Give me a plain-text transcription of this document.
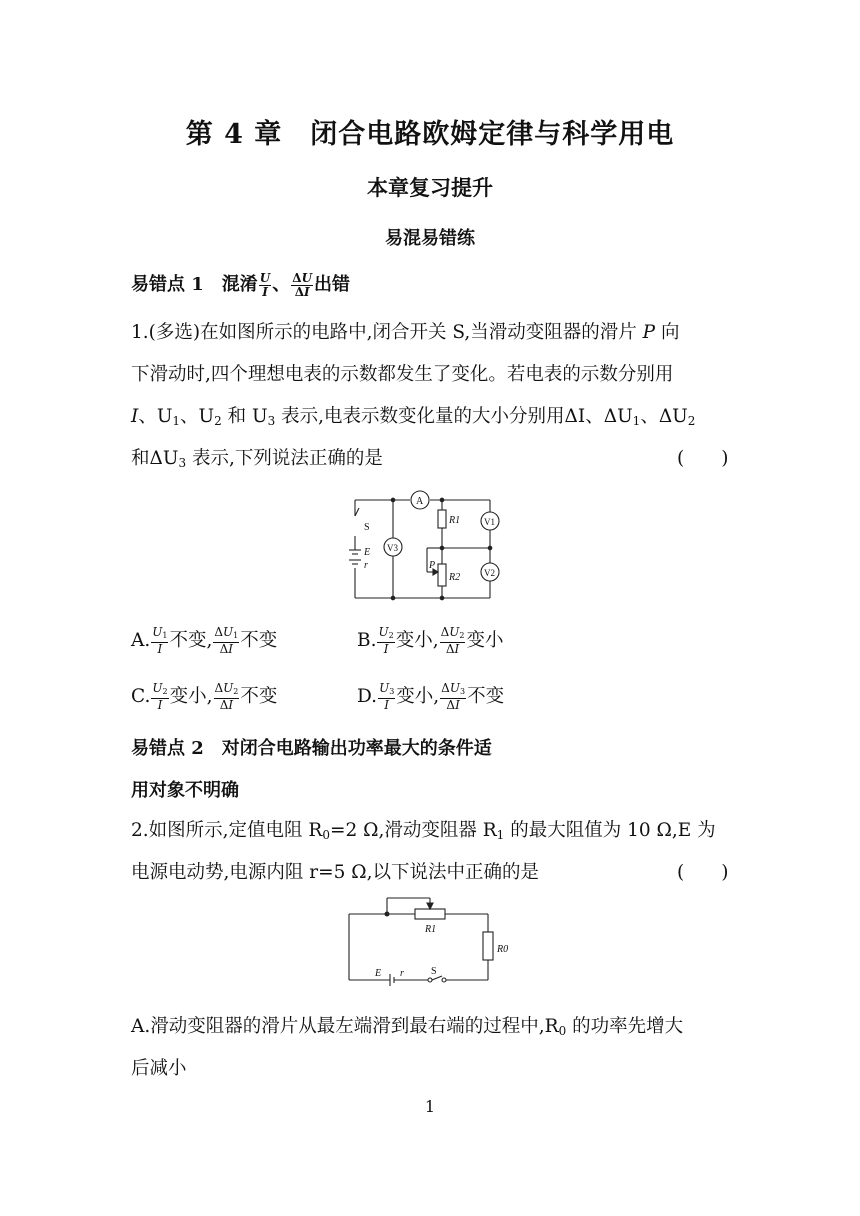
第 4 章　闭合电路欧姆定律与科学用电
本章复习提升
易混易错练
易错点 1　混淆 $\frac{U}{I}$ 、 $\frac{\Delta U}{\Delta I}$ 出错
1.(多选)在如图所示的电路中,闭合开关 S,当滑动变阻器的滑片 P 向
下滑动时,四个理想电表的示数都发生了变化。若电表的示数分别用
I、$U_1$、$U_2$ 和 $U_3$ 表示,电表示数变化量的大小分别用ΔI、$\Delta U_1$、$\Delta U_2$
和$\Delta U_3$ 表示,下列说法正确的是	(　　)
A
V3
V1
V2
R1
R2
S
E
r	P
A. $\frac{U_1}{I}$ 不变, $\frac{\Delta U_1}{\Delta I}$ 不变	B. $\frac{U_2}{I}$ 变小, $\frac{\Delta U_2}{\Delta I}$ 变小
C. $\frac{U_2}{I}$ 变小, $\frac{\Delta U_2}{\Delta I}$ 不变	D. $\frac{U_3}{I}$ 变小, $\frac{\Delta U_3}{\Delta I}$ 不变
易错点 2　对闭合电路输出功率最大的条件适
用对象不明确
2.如图所示,定值电阻 $R_0=2$ Ω,滑动变阻器 $R_1$ 的最大阻值为 10 Ω,E 为
电源电动势,电源内阻 r=5 Ω,以下说法中正确的是	(　　)
R1
R0
E r	S
A.滑动变阻器的滑片从最左端滑到最右端的过程中$,R_0$ 的功率先增大
后减小
1
